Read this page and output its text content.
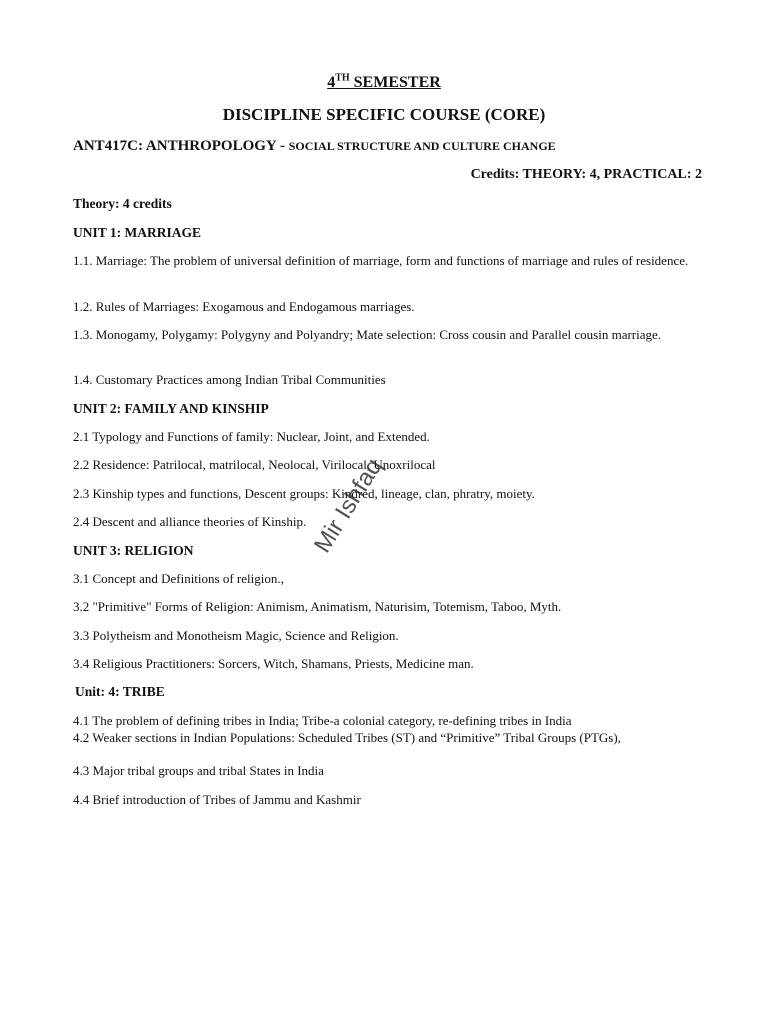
4TH SEMESTER

DISCIPLINE SPECIFIC COURSE (CORE)

ANT417C: ANTHROPOLOGY - SOCIAL STRUCTURE AND CULTURE CHANGE

Credits: THEORY: 4, PRACTICAL: 2

Theory: 4 credits

UNIT 1: MARRIAGE

1.1. Marriage: The problem of universal definition of marriage, form and functions of marriage and rules of residence.

1.2. Rules of Marriages: Exogamous and Endogamous marriages.

1.3. Monogamy, Polygamy: Polygyny and Polyandry; Mate selection: Cross cousin and Parallel cousin marriage.

1.4. Customary Practices among Indian Tribal Communities

UNIT 2: FAMILY AND KINSHIP

2.1 Typology and Functions of family: Nuclear, Joint, and Extended.

2.2 Residence: Patrilocal, matrilocal, Neolocal, Virilocal, Unoxrilocal

2.3 Kinship types and functions, Descent groups: Kindred, lineage, clan, phratry, moiety.

2.4 Descent and alliance theories of Kinship.

UNIT 3: RELIGION

3.1 Concept and Definitions of religion.,

3.2 "Primitive" Forms of Religion: Animism, Animatism, Naturisim, Totemism, Taboo, Myth.

3.3 Polytheism and Monotheism Magic, Science and Religion.

3.4 Religious Practitioners: Sorcers, Witch, Shamans, Priests, Medicine man.

Unit: 4: TRIBE

4.1 The problem of defining tribes in India; Tribe-a colonial category, re-defining tribes in India

4.2 Weaker sections in Indian Populations: Scheduled Tribes (ST) and “Primitive” Tribal Groups (PTGs),

4.3 Major tribal groups and tribal States in India

4.4 Brief introduction of Tribes of Jammu and Kashmir

Mir Ishfaq
